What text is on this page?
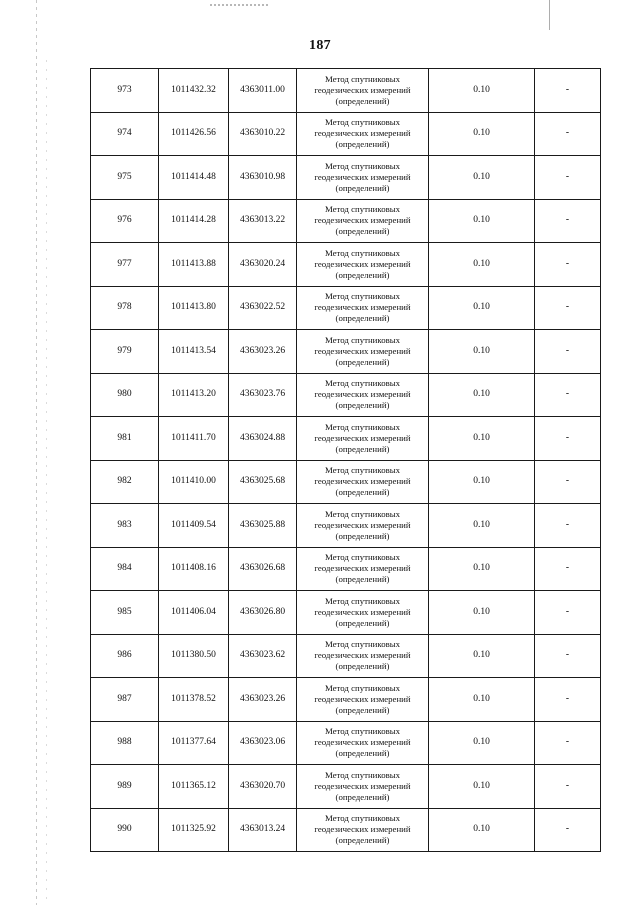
187
973	1011432.32	4363011.00	Метод спутниковых
геодезических измерений
(определений)	0.10	-
974	1011426.56	4363010.22	Метод спутниковых
геодезических измерений
(определений)	0.10	-
975	1011414.48	4363010.98	Метод спутниковых
геодезических измерений
(определений)	0.10	-
976	1011414.28	4363013.22	Метод спутниковых
геодезических измерений
(определений)	0.10	-
977	1011413.88	4363020.24	Метод спутниковых
геодезических измерений
(определений)	0.10	-
978	1011413.80	4363022.52	Метод спутниковых
геодезических измерений
(определений)	0.10	-
979	1011413.54	4363023.26	Метод спутниковых
геодезических измерений
(определений)	0.10	-
980	1011413.20	4363023.76	Метод спутниковых
геодезических измерений
(определений)	0.10	-
981	1011411.70	4363024.88	Метод спутниковых
геодезических измерений
(определений)	0.10	-
982	1011410.00	4363025.68	Метод спутниковых
геодезических измерений
(определений)	0.10	-
983	1011409.54	4363025.88	Метод спутниковых
геодезических измерений
(определений)	0.10	-
984	1011408.16	4363026.68	Метод спутниковых
геодезических измерений
(определений)	0.10	-
985	1011406.04	4363026.80	Метод спутниковых
геодезических измерений
(определений)	0.10	-
986	1011380.50	4363023.62	Метод спутниковых
геодезических измерений
(определений)	0.10	-
987	1011378.52	4363023.26	Метод спутниковых
геодезических измерений
(определений)	0.10	-
988	1011377.64	4363023.06	Метод спутниковых
геодезических измерений
(определений)	0.10	-
989	1011365.12	4363020.70	Метод спутниковых
геодезических измерений
(определений)	0.10	-
990	1011325.92	4363013.24	Метод спутниковых
геодезических измерений
(определений)	0.10	-
